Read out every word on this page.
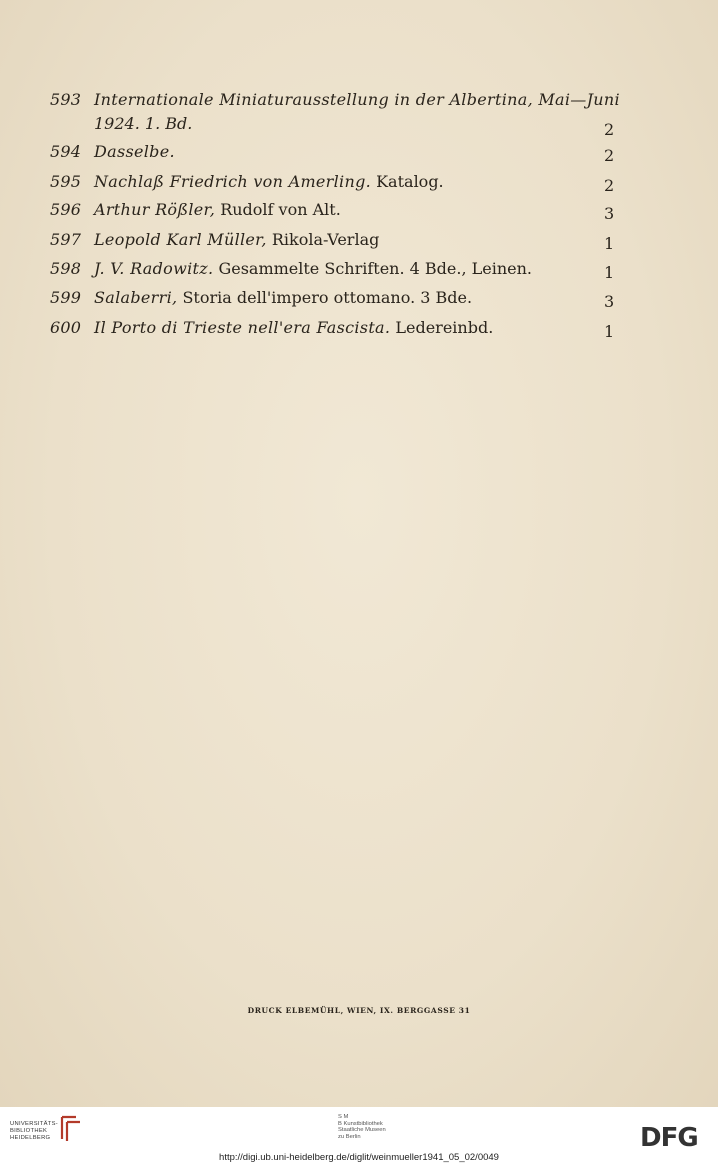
593 Internationale Miniaturausstellung in der Albertina, Mai—Juni
1924. 1. Bd.	2
594 Dasselbe.	2
595 Nachlaß Friedrich von Amerling. Katalog.	2
596 Arthur Rößler, Rudolf von Alt.	3
597 Leopold Karl Müller, Rikola-Verlag	1
598 J. V. Radowitz. Gesammelte Schriften. 4 Bde., Leinen.	1
599 Salaberri, Storia dell'impero ottomano. 3 Bde.	3
600 Il Porto di Trieste nell'era Fascista. Ledereinbd.	1
DRUCK ELBEMÜHL, WIEN, IX. BERGGASSE 31
UNIVERSITÄTS-
BIBLIOTHEK
HEIDELBERG
S M
B Kunstbibliothek
Staatliche Museen
zu Berlin
http://digi.ub.uni-heidelberg.de/diglit/weinmueller1941_05_02/0049
DFG
